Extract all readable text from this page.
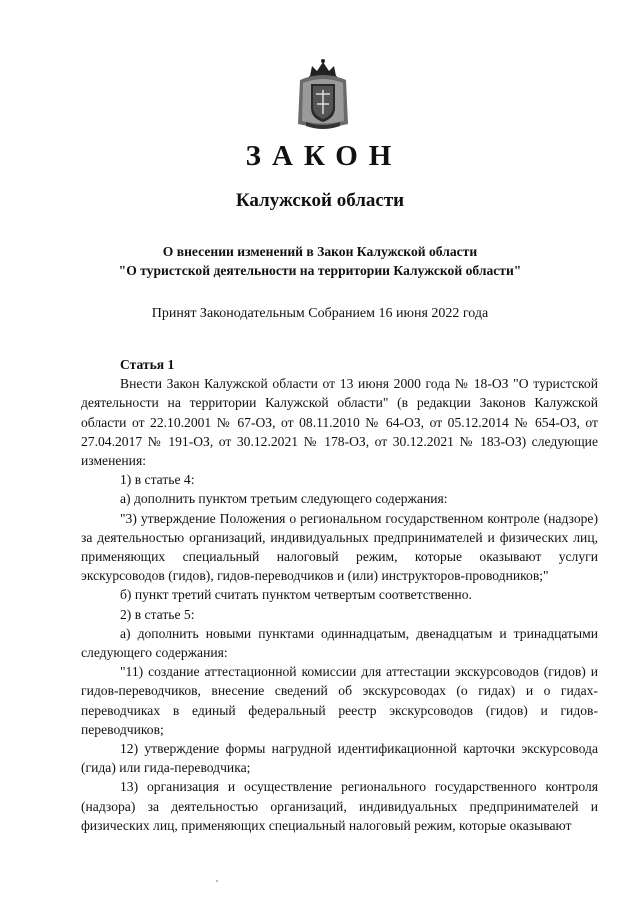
ЗАКОН
Калужской области
О внесении изменений в Закон Калужской области
"О туристской деятельности на территории Калужской области"
Принят Законодательным Собранием 16 июня 2022 года

Статья 1

Внести Закон Калужской области от 13 июня 2000 года № 18-ОЗ "О туристской деятельности на территории Калужской области" (в редакции Законов Калужской области от 22.10.2001 № 67-ОЗ, от 08.11.2010 № 64-ОЗ, от 05.12.2014 № 654-ОЗ, от 27.04.2017 № 191-ОЗ, от 30.12.2021 № 178-ОЗ, от 30.12.2021 № 183-ОЗ) следующие изменения:

1) в статье 4:

а) дополнить пунктом третьим следующего содержания:

"3) утверждение Положения о региональном государственном контроле (надзоре) за деятельностью организаций, индивидуальных предпринимателей и физических лиц, применяющих специальный налоговый режим, которые оказывают услуги экскурсоводов (гидов), гидов-переводчиков и (или) инструкторов-проводников;"

б) пункт третий считать пунктом четвертым соответственно.

2) в статье 5:

а) дополнить новыми пунктами одиннадцатым, двенадцатым и тринадцатыми следующего содержания:

"11) создание аттестационной комиссии для аттестации экскурсоводов (гидов) и гидов-переводчиков, внесение сведений об экскурсоводах (о гидах) и о гидах-переводчиках в единый федеральный реестр экскурсоводов (гидов) и гидов-переводчиков;

12) утверждение формы нагрудной идентификационной карточки экскурсовода (гида) или гида-переводчика;

13) организация и осуществление регионального государственного контроля (надзора) за деятельностью организаций, индивидуальных предпринимателей и физических лиц, применяющих специальный налоговый режим, которые оказывают
